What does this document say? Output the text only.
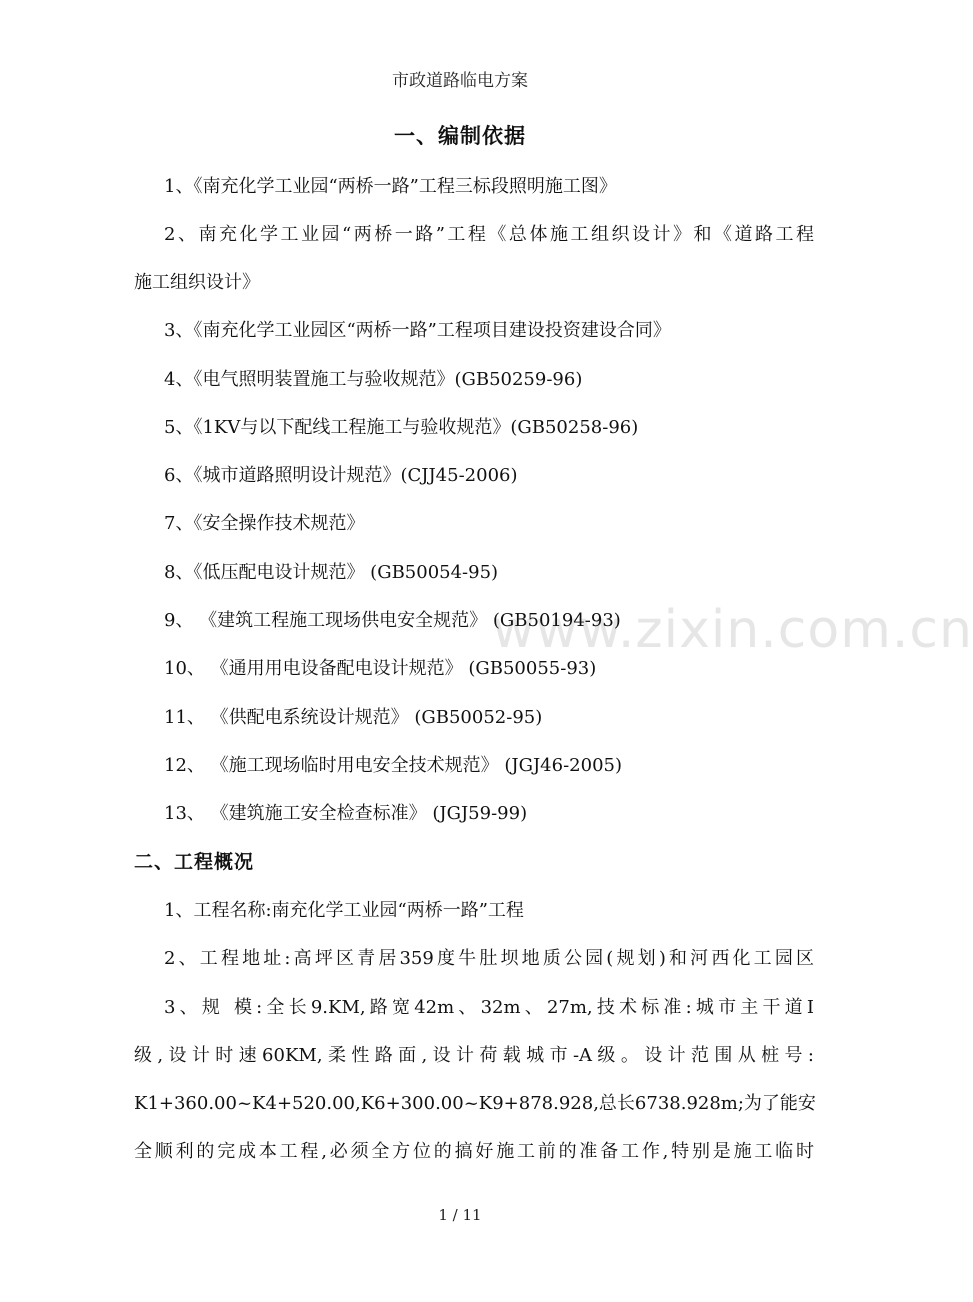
www.zixin.com.cn
市政道路临电方案
一、编制依据
1、《南充化学工业园“两桥一路”工程三标段照明施工图》
2、南充化学工业园“两桥一路”工程《总体施工组织设计》和《道路工程
施工组织设计》
3、《南充化学工业园区“两桥一路”工程项目建设投资建设合同》
4、《电气照明装置施工与验收规范》(GB50259-96)
5、《1KV与以下配线工程施工与验收规范》(GB50258-96)
6、《城市道路照明设计规范》(CJJ45-2006)
7、《安全操作技术规范》
8、《低压配电设计规范》 (GB50054-95)
9、 《建筑工程施工现场供电安全规范》 (GB50194-93)
10、 《通用用电设备配电设计规范》 (GB50055-93)
11、 《供配电系统设计规范》 (GB50052-95)
12、 《施工现场临时用电安全技术规范》 (JGJ46-2005)
13、 《建筑施工安全检查标准》 (JGJ59-99)
二、工程概况
1、工程名称:南充化学工业园“两桥一路”工程
2、工程地址:高坪区青居359度牛肚坝地质公园(规划)和河西化工园区
3、规 模:全长9.KM,路宽42m、32m、27m,技术标准:城市主干道Ⅰ
级,设计时速60KM,柔性路面,设计荷载城市-A级。设计范围从桩号:
K1+360.00~K4+520.00,K6+300.00~K9+878.928,总长6738.928m;为了能安
全顺利的完成本工程,必须全方位的搞好施工前的准备工作,特别是施工临时
1 / 11
